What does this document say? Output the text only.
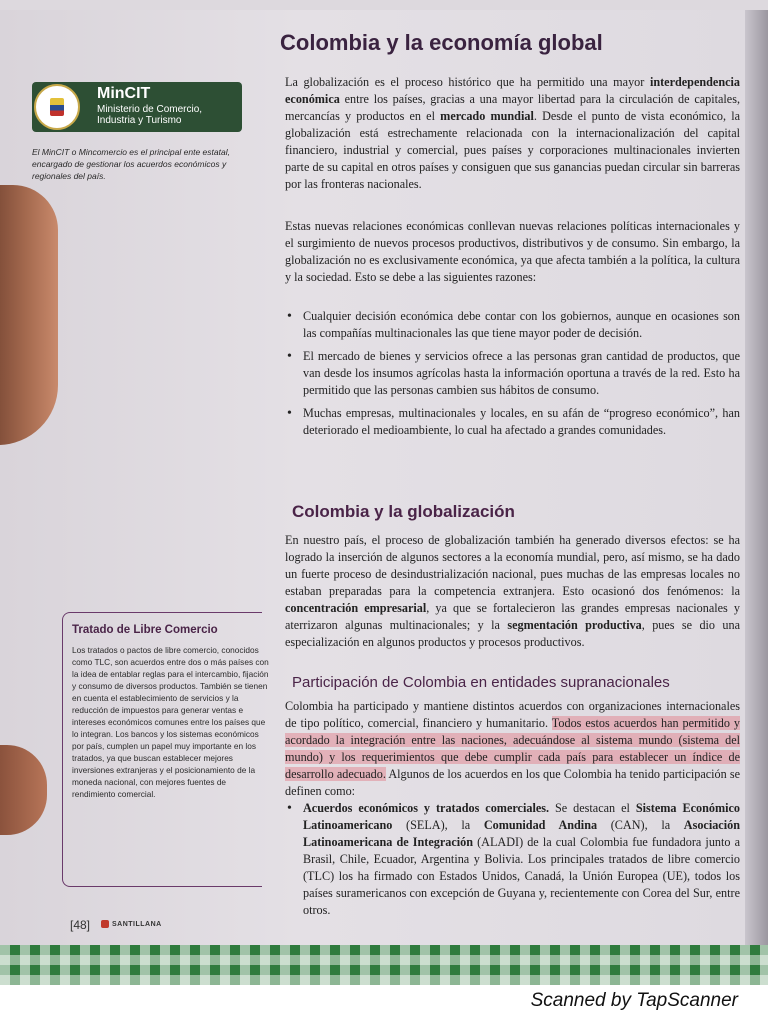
MinCIT
Ministerio de Comercio, Industria y Turismo
El MinCIT o Mincomercio es el principal ente estatal, encargado de gestionar los acuerdos económicos y regionales del país.
Tratado de Libre Comercio
Los tratados o pactos de libre comercio, conocidos como TLC, son acuerdos entre dos o más países con la idea de entablar reglas para el intercambio, fijación y consumo de diversos productos. También se tienen en cuenta el establecimiento de servicios y la reducción de impuestos para generar ventas e intereses económicos comunes entre los países que lo integran. Los bancos y los sistemas económicos por país, cumplen un papel muy importante en los tratados, ya que buscan establecer mejores inversiones extranjeras y el posicionamiento de la moneda nacional, con mejores fuentes de rendimiento comercial.
Colombia y la economía global
La globalización es el proceso histórico que ha permitido una mayor interdependencia económica entre los países, gracias a una mayor libertad para la circulación de capitales, mercancías y productos en el mercado mundial. Desde el punto de vista económico, la globalización está estrechamente relacionada con la internacionalización del capital financiero, industrial y comercial, pues países y corporaciones multinacionales invierten parte de su capital en otros países y consiguen que sus ganancias puedan circular sin barreras por las fronteras nacionales.
Estas nuevas relaciones económicas conllevan nuevas relaciones políticas internacionales y el surgimiento de nuevos procesos productivos, distributivos y de consumo. Sin embargo, la globalización no es exclusivamente económica, ya que afecta también a la política, la cultura y la sociedad. Esto se debe a las siguientes razones:
• Cualquier decisión económica debe contar con los gobiernos, aunque en ocasiones son las compañías multinacionales las que tiene mayor poder de decisión.
• El mercado de bienes y servicios ofrece a las personas gran cantidad de productos, que van desde los insumos agrícolas hasta la información oportuna a través de la red. Esto ha permitido que las personas cambien sus hábitos de consumo.
• Muchas empresas, multinacionales y locales, en su afán de “progreso económico”, han deteriorado el medioambiente, lo cual ha afectado a grandes comunidades.
Colombia y la globalización
En nuestro país, el proceso de globalización también ha generado diversos efectos: se ha logrado la inserción de algunos sectores a la economía mundial, pero, así mismo, se ha dado un fuerte proceso de desindustrialización nacional, pues muchas de las empresas locales no estaban preparadas para la competencia extranjera. Esto ocasionó dos fenómenos: la concentración empresarial, ya que se fortalecieron las grandes empresas nacionales y aterrizaron algunas multinacionales; y la segmentación productiva, pues se dio una especialización en algunos productos y procesos productivos.
Participación de Colombia en entidades supranacionales
Colombia ha participado y mantiene distintos acuerdos con organizaciones internacionales de tipo político, comercial, financiero y humanitario. Todos estos acuerdos han permitido y acordado la integración entre las naciones, adecuándose al sistema mundo (sistema del mundo) y los requerimientos que debe cumplir cada país para establecer un índice de desarrollo adecuado. Algunos de los acuerdos en los que Colombia ha tenido participación se definen como:
• Acuerdos económicos y tratados comerciales. Se destacan el Sistema Económico Latinoamericano (SELA), la Comunidad Andina (CAN), la Asociación Latinoamericana de Integración (ALADI) de la cual Colombia fue fundadora junto a Brasil, Chile, Ecuador, Argentina y Bolivia. Los principales tratados de libre comercio (TLC) los ha firmado con Estados Unidos, Canadá, la Unión Europea (UE), todos los países suramericanos con excepción de Guyana y, recientemente con Corea del Sur, entre otros.
[48]	SANTILLANA
Scanned by TapScanner
